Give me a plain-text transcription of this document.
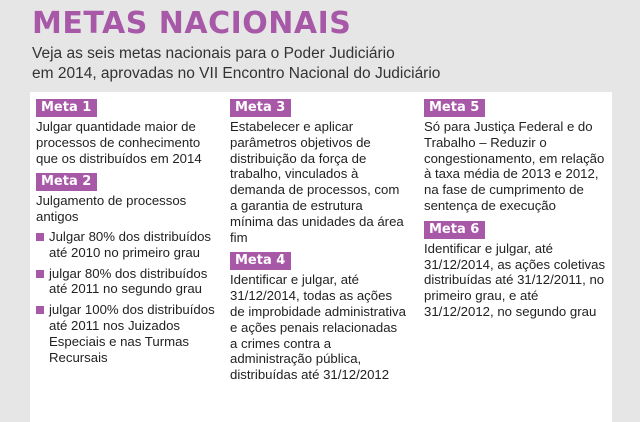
METAS NACIONAIS
Veja as seis metas nacionais para o Poder Judiciário
em 2014, aprovadas no VII Encontro Nacional do Judiciário
Meta 1
Julgar quantidade maior de processos de conhecimento que os distribuídos em 2014
Meta 2
Julgamento de processos antigos
Julgar 80% dos distribuídos até 2010 no primeiro grau
julgar 80% dos distribuídos até 2011 no segundo grau
julgar 100% dos distribuídos até 2011 nos Juizados Especiais e nas Turmas Recursais
Meta 3
Estabelecer e aplicar parâmetros objetivos de distribuição da força de trabalho, vinculados à demanda de processos, com a garantia de estrutura mínima das unidades da área fim
Meta 4
Identificar e julgar, até 31/12/2014, todas as ações de improbidade administrativa e ações penais relacionadas a crimes contra a administração pública, distribuídas até 31/12/2012
Meta 5
Só para Justiça Federal e do Trabalho – Reduzir o congestionamento, em relação à taxa média de 2013 e 2012, na fase de cumprimento de sentença de execução
Meta 6
Identificar e julgar, até 31/12/2014, as ações coletivas distribuídas até 31/12/2011, no primeiro grau, e até 31/12/2012, no segundo grau
